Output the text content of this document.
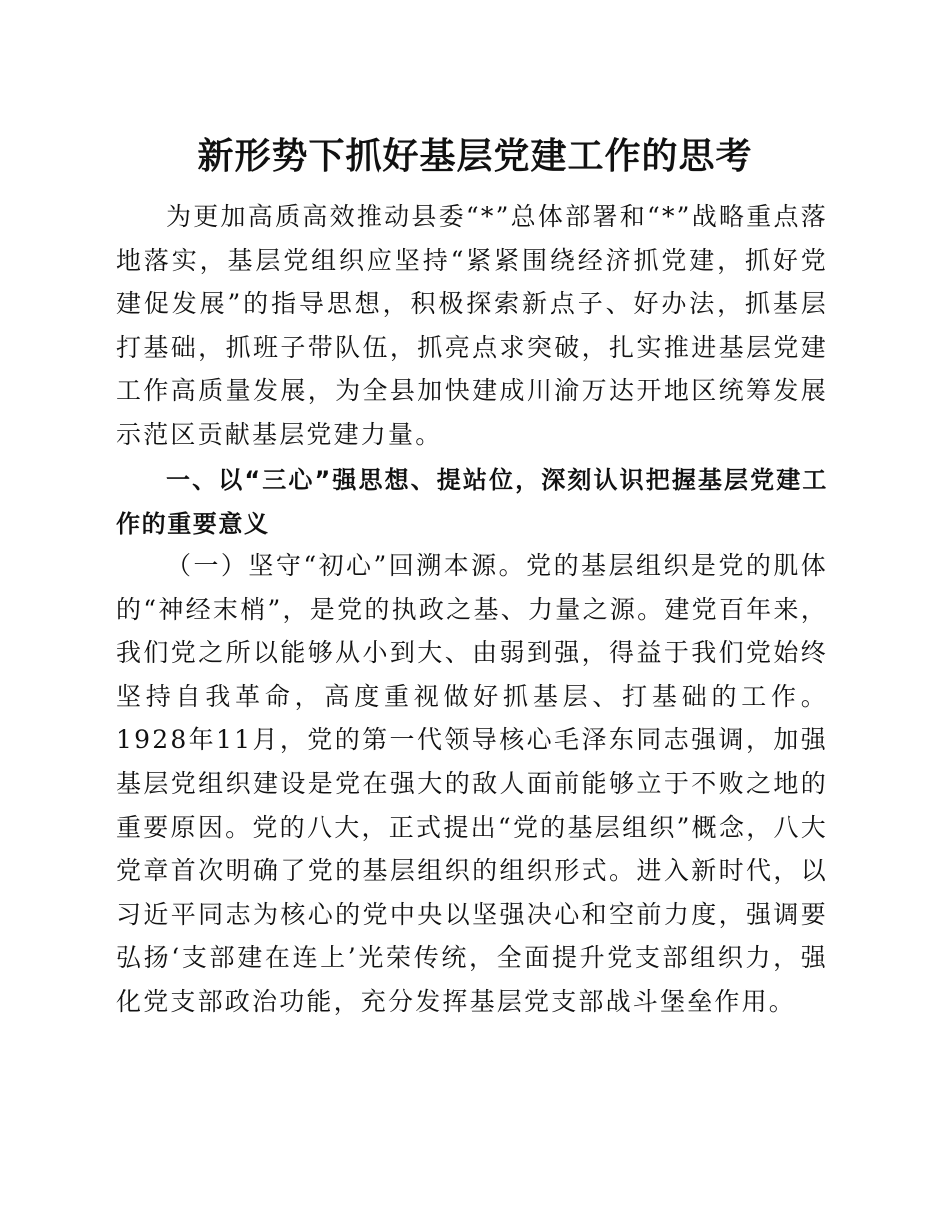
新形势下抓好基层党建工作的思考
为更加高质高效推动县委“*”总体部署和“*”战略重点落地落实，基层党组织应坚持“紧紧围绕经济抓党建，抓好党建促发展”的指导思想，积极探索新点子、好办法，抓基层打基础，抓班子带队伍，抓亮点求突破，扎实推进基层党建工作高质量发展，为全县加快建成川渝万达开地区统筹发展示范区贡献基层党建力量。
一、以“三心”强思想、提站位，深刻认识把握基层党建工作的重要意义
（一）坚守“初心”回溯本源。党的基层组织是党的肌体的“神经末梢”，是党的执政之基、力量之源。建党百年来，我们党之所以能够从小到大、由弱到强，得益于我们党始终坚持自我革命，高度重视做好抓基层、打基础的工作。1928年11月，党的第一代领导核心毛泽东同志强调，加强基层党组织建设是党在强大的敌人面前能够立于不败之地的重要原因。党的八大，正式提出“党的基层组织”概念，八大党章首次明确了党的基层组织的组织形式。进入新时代，以习近平同志为核心的党中央以坚强决心和空前力度，强调要弘扬‘支部建在连上’光荣传统，全面提升党支部组织力，强化党支部政治功能，充分发挥基层党支部战斗堡垒作用。
